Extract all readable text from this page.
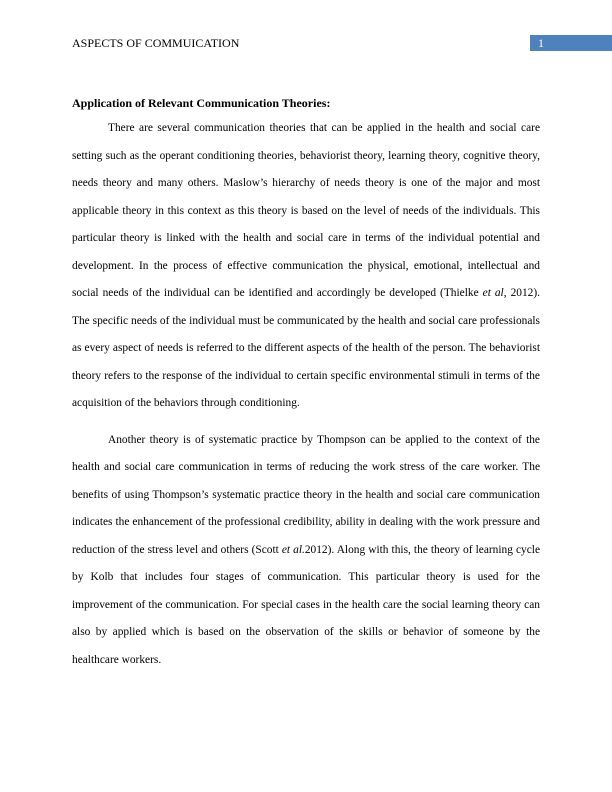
ASPECTS OF COMMUICATION	1

Application of Relevant Communication Theories:

There are several communication theories that can be applied in the health and social care setting such as the operant conditioning theories, behaviorist theory, learning theory, cognitive theory, needs theory and many others. Maslow’s hierarchy of needs theory is one of the major and most applicable theory in this context as this theory is based on the level of needs of the individuals. This particular theory is linked with the health and social care in terms of the individual potential and development. In the process of effective communication the physical, emotional, intellectual and social needs of the individual can be identified and accordingly be developed (Thielke et al, 2012). The specific needs of the individual must be communicated by the health and social care professionals as every aspect of needs is referred to the different aspects of the health of the person. The behaviorist theory refers to the response of the individual to certain specific environmental stimuli in terms of the acquisition of the behaviors through conditioning.

Another theory is of systematic practice by Thompson can be applied to the context of the health and social care communication in terms of reducing the work stress of the care worker. The benefits of using Thompson’s systematic practice theory in the health and social care communication indicates the enhancement of the professional credibility, ability in dealing with the work pressure and reduction of the stress level and others (Scott et al.2012). Along with this, the theory of learning cycle by Kolb that includes four stages of communication. This particular theory is used for the improvement of the communication. For special cases in the health care the social learning theory can also by applied which is based on the observation of the skills or behavior of someone by the healthcare workers.
